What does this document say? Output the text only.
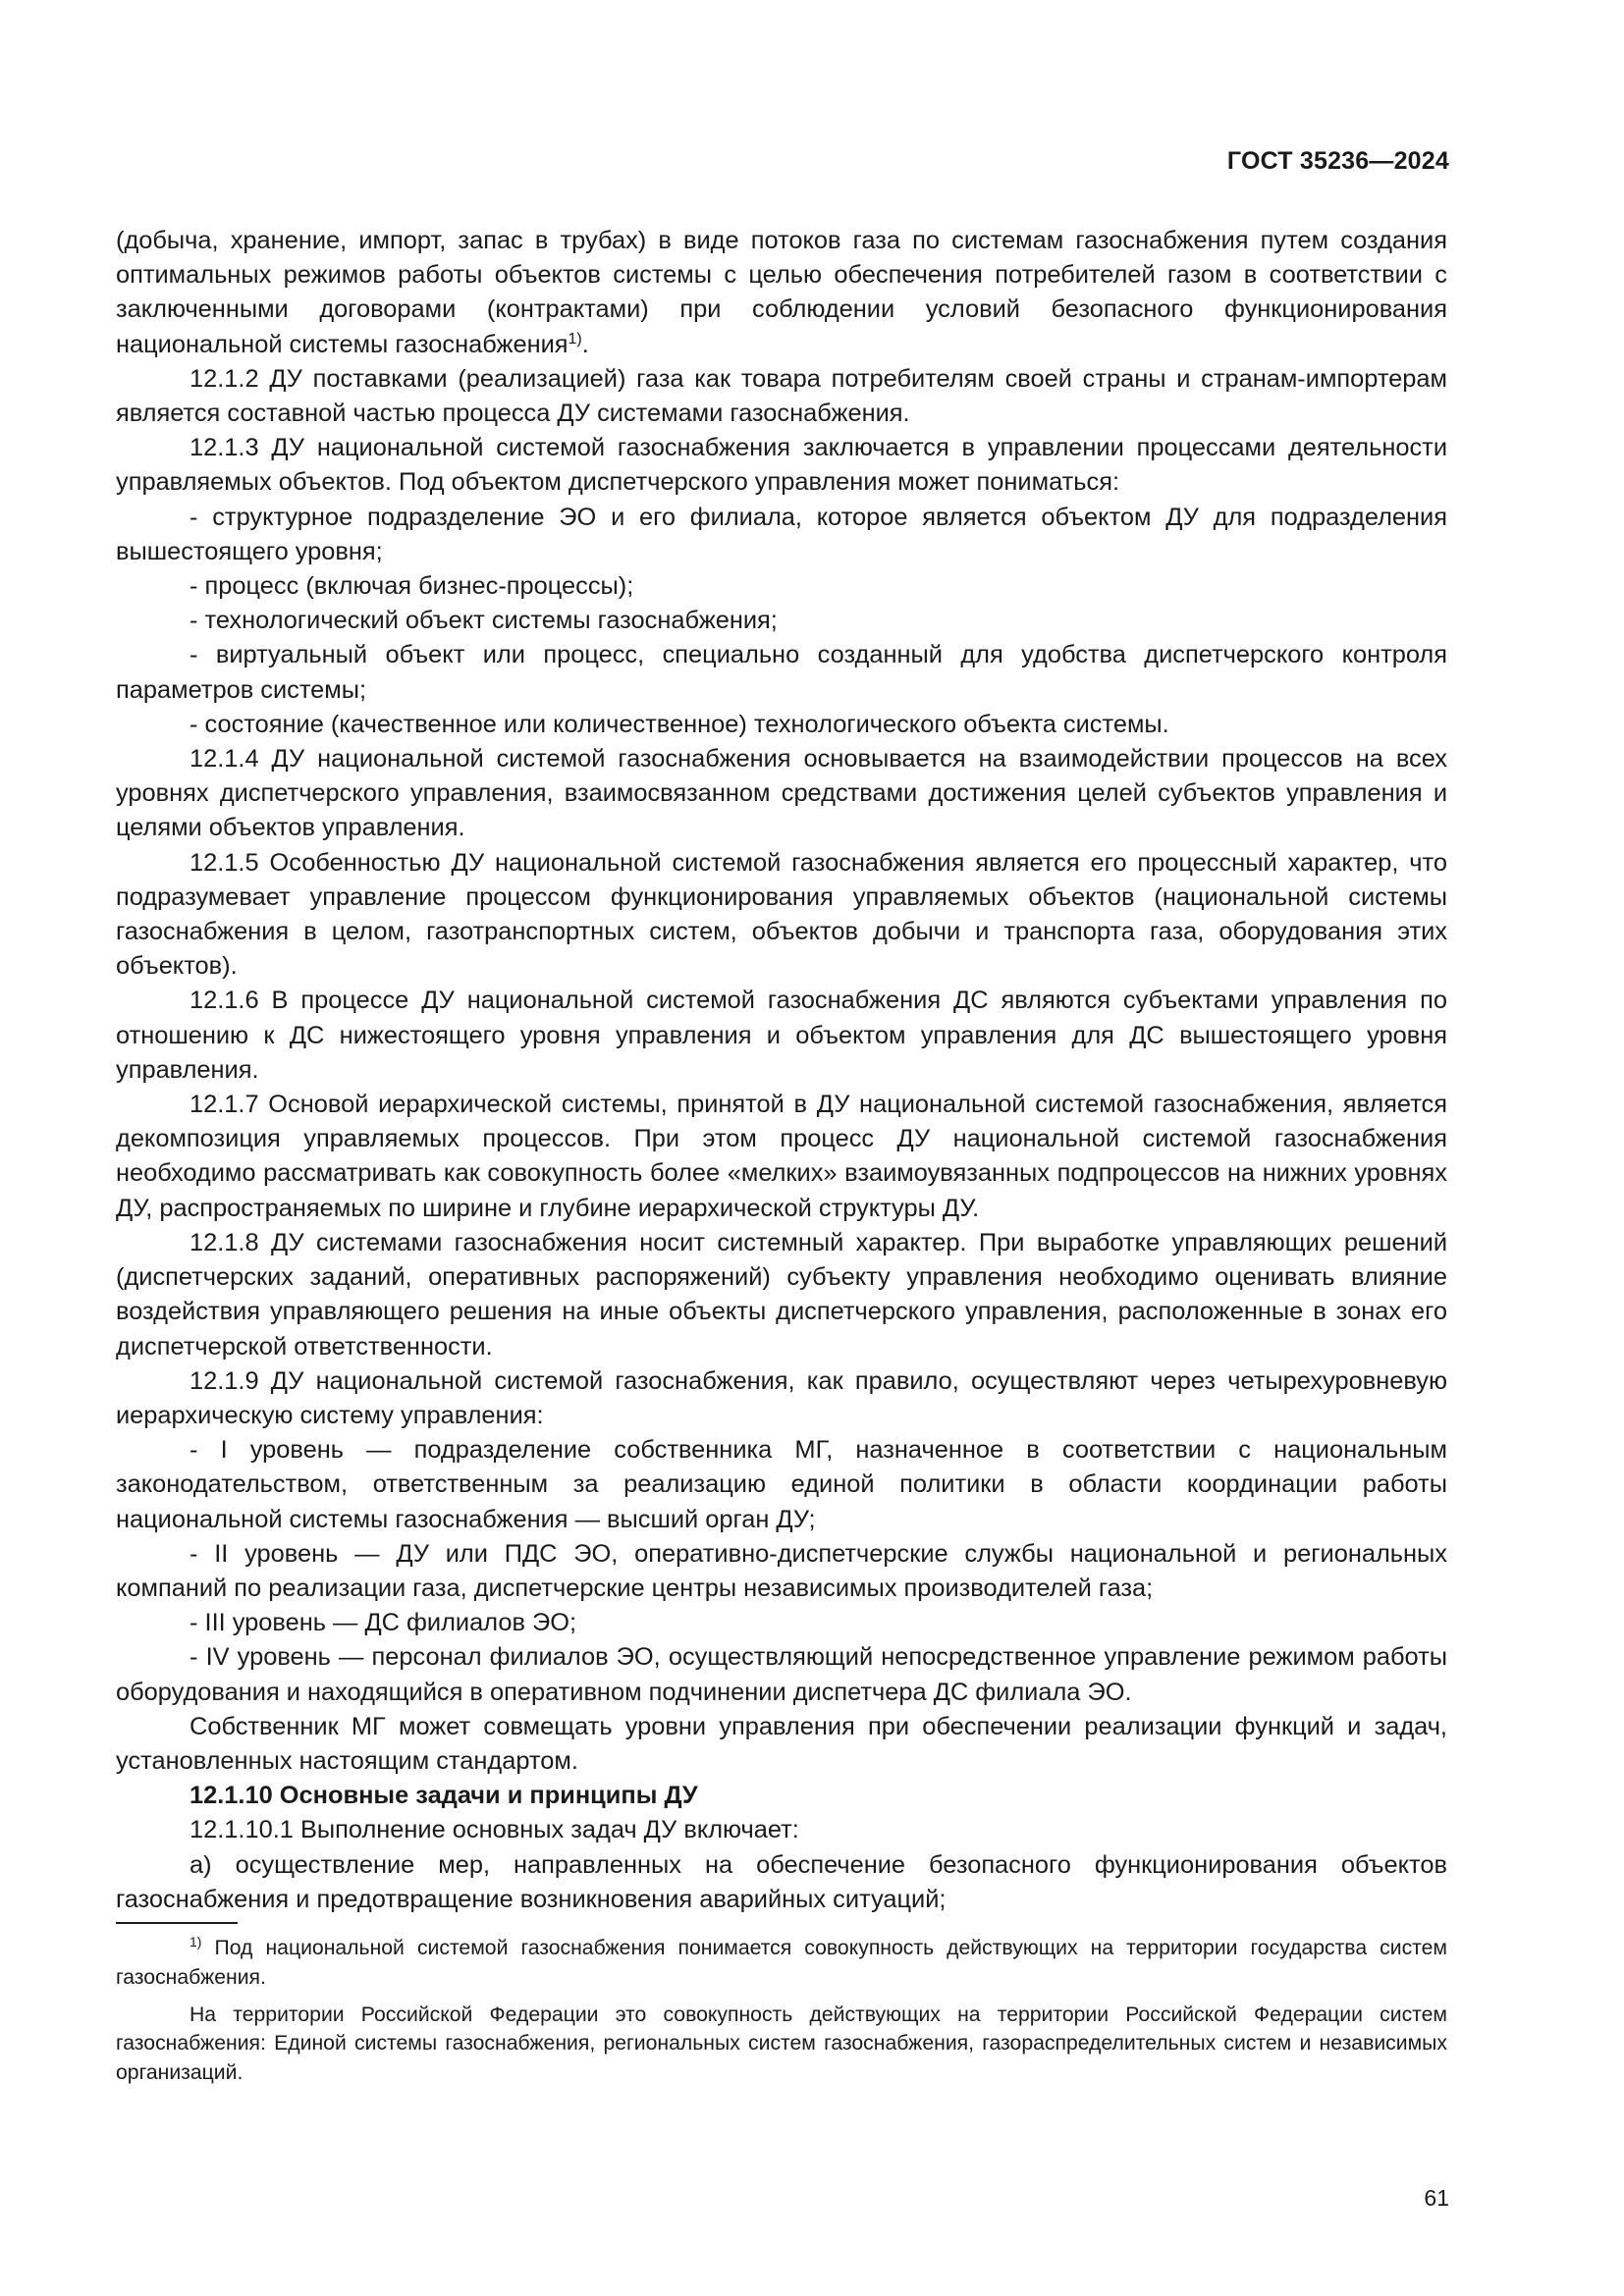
ГОСТ 35236—2024

(добыча, хранение, импорт, запас в трубах) в виде потоков газа по системам газоснабжения путем создания оптимальных режимов работы объектов системы с целью обеспечения потребителей газом в соответствии с заключенными договорами (контрактами) при соблюдении условий безопасного функционирования национальной системы газоснабжения$^{1)}$.

12.1.2 ДУ поставками (реализацией) газа как товара потребителям своей страны и странам-импортерам является составной частью процесса ДУ системами газоснабжения.

12.1.3 ДУ национальной системой газоснабжения заключается в управлении процессами деятельности управляемых объектов. Под объектом диспетчерского управления может пониматься:

- структурное подразделение ЭО и его филиала, которое является объектом ДУ для подразделения вышестоящего уровня;

- процесс (включая бизнес-процессы);

- технологический объект системы газоснабжения;

- виртуальный объект или процесс, специально созданный для удобства диспетчерского контроля параметров системы;

- состояние (качественное или количественное) технологического объекта системы.

12.1.4 ДУ национальной системой газоснабжения основывается на взаимодействии процессов на всех уровнях диспетчерского управления, взаимосвязанном средствами достижения целей субъектов управления и целями объектов управления.

12.1.5 Особенностью ДУ национальной системой газоснабжения является его процессный характер, что подразумевает управление процессом функционирования управляемых объектов (национальной системы газоснабжения в целом, газотранспортных систем, объектов добычи и транспорта газа, оборудования этих объектов).

12.1.6 В процессе ДУ национальной системой газоснабжения ДС являются субъектами управления по отношению к ДС нижестоящего уровня управления и объектом управления для ДС вышестоящего уровня управления.

12.1.7 Основой иерархической системы, принятой в ДУ национальной системой газоснабжения, является декомпозиция управляемых процессов. При этом процесс ДУ национальной системой газоснабжения необходимо рассматривать как совокупность более «мелких» взаимоувязанных подпроцессов на нижних уровнях ДУ, распространяемых по ширине и глубине иерархической структуры ДУ.

12.1.8 ДУ системами газоснабжения носит системный характер. При выработке управляющих решений (диспетчерских заданий, оперативных распоряжений) субъекту управления необходимо оценивать влияние воздействия управляющего решения на иные объекты диспетчерского управления, расположенные в зонах его диспетчерской ответственности.

12.1.9 ДУ национальной системой газоснабжения, как правило, осуществляют через четырехуровневую иерархическую систему управления:

- I уровень — подразделение собственника МГ, назначенное в соответствии с национальным законодательством, ответственным за реализацию единой политики в области координации работы национальной системы газоснабжения — высший орган ДУ;

- II уровень — ДУ или ПДС ЭО, оперативно-диспетчерские службы национальной и региональных компаний по реализации газа, диспетчерские центры независимых производителей газа;

- III уровень — ДС филиалов ЭО;

- IV уровень — персонал филиалов ЭО, осуществляющий непосредственное управление режимом работы оборудования и находящийся в оперативном подчинении диспетчера ДС филиала ЭО.

Собственник МГ может совмещать уровни управления при обеспечении реализации функций и задач, установленных настоящим стандартом.

12.1.10 Основные задачи и принципы ДУ

12.1.10.1 Выполнение основных задач ДУ включает:

а) осуществление мер, направленных на обеспечение безопасного функционирования объектов газоснабжения и предотвращение возникновения аварийных ситуаций;

$^{1)}$ Под национальной системой газоснабжения понимается совокупность действующих на территории государства систем газоснабжения.

На территории Российской Федерации это совокупность действующих на территории Российской Федерации систем газоснабжения: Единой системы газоснабжения, региональных систем газоснабжения, газораспределительных систем и независимых организаций.

61
